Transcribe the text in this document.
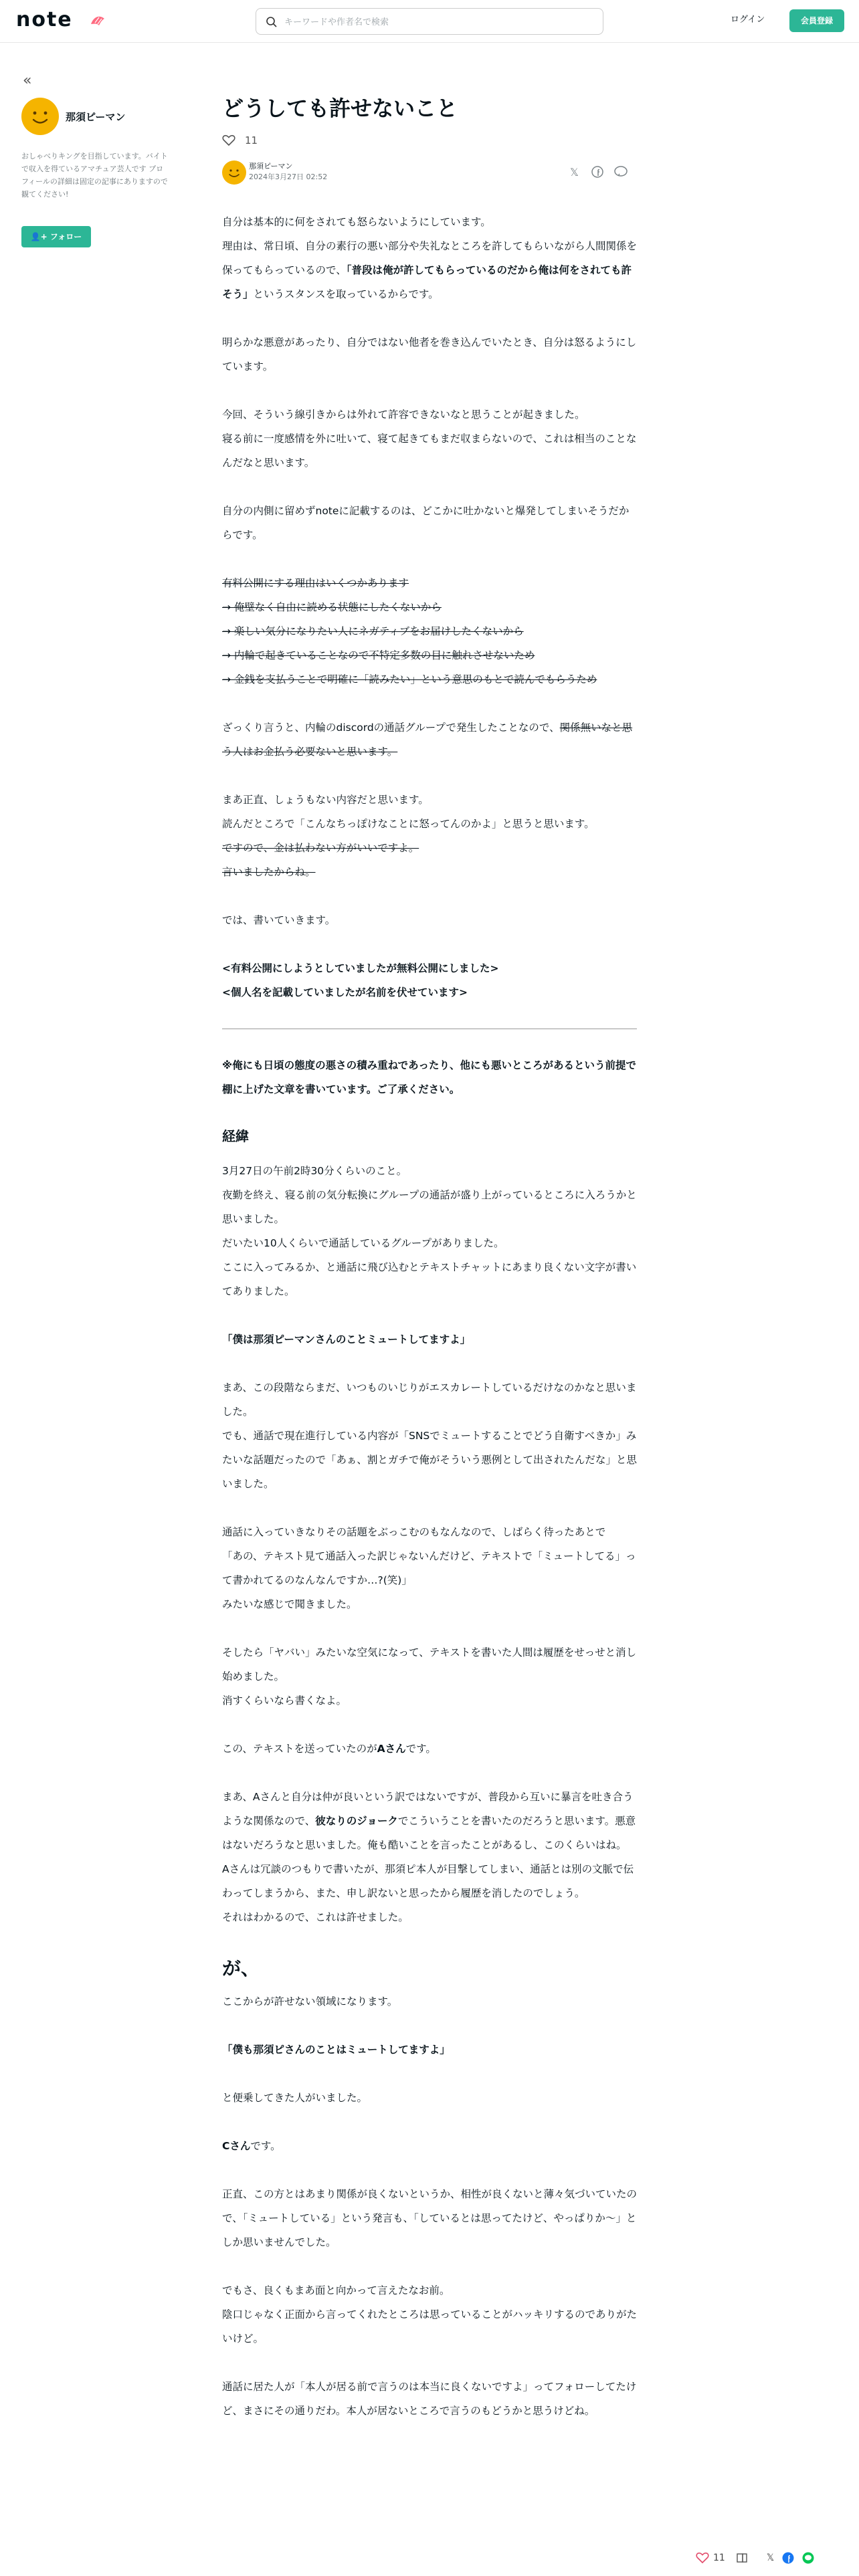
note
キーワードや作者名で検索	ログイン	会員登録
«
那須ピーマン
おしゃべりキングを目指しています。バイトで収入を得ているアマチュア芸人です プロフィールの詳細は固定の記事にありますので観てください!
👤+ フォロー
どうしても許せないこと
11
那須ピーマン
2024年3月27日 02:52	𝕏

自分は基本的に何をされても怒らないようにしています。
理由は、常日頃、自分の素行の悪い部分や失礼なところを許してもらいながら人間関係を保ってもらっているので、「普段は俺が許してもらっているのだから俺は何をされても許そう」というスタンスを取っているからです。

明らかな悪意があったり、自分ではない他者を巻き込んでいたとき、自分は怒るようにしています。

今回、そういう線引きからは外れて許容できないなと思うことが起きました。
寝る前に一度感情を外に吐いて、寝て起きてもまだ収まらないので、これは相当のことなんだなと思います。

自分の内側に留めずnoteに記載するのは、どこかに吐かないと爆発してしまいそうだからです。

有料公開にする理由はいくつかあります
→ 俺壁なく自由に読める状態にしたくないから
→ 楽しい気分になりたい人にネガティブをお届けしたくないから
→ 内輪で起きていることなので不特定多数の目に触れさせないため
→ 金銭を支払うことで明確に「読みたい」という意思のもとで読んでもらうため

ざっくり言うと、内輪のdiscordの通話グループで発生したことなので、関係無いなと思う人はお金払う必要ないと思います。

まあ正直、しょうもない内容だと思います。
読んだところで「こんなちっぽけなことに怒ってんのかよ」と思うと思います。
ですので、金は払わない方がいいですよ。
言いましたからね。

では、書いていきます。

<有料公開にしようとしていましたが無料公開にしました>
<個人名を記載していましたが名前を伏せています>

※俺にも日頃の態度の悪さの積み重ねであったり、他にも悪いところがあるという前提で棚に上げた文章を書いています。ご了承ください。

経緯

3月27日の午前2時30分くらいのこと。
夜勤を終え、寝る前の気分転換にグループの通話が盛り上がっているところに入ろうかと思いました。
だいたい10人くらいで通話しているグループがありました。
ここに入ってみるか、と通話に飛び込むとテキストチャットにあまり良くない文字が書いてありました。

「僕は那須ピーマンさんのことミュートしてますよ」

まあ、この段階ならまだ、いつものいじりがエスカレートしているだけなのかなと思いました。
でも、通話で現在進行している内容が「SNSでミュートすることでどう自衛すべきか」みたいな話題だったので「あぁ、割とガチで俺がそういう悪例として出されたんだな」と思いました。

通話に入っていきなりその話題をぶっこむのもなんなので、しばらく待ったあとで
「あの、テキスト見て通話入った訳じゃないんだけど、テキストで「ミュートしてる」って書かれてるのなんなんですか…?(笑)」
みたいな感じで聞きました。

そしたら「ヤバい」みたいな空気になって、テキストを書いた人間は履歴をせっせと消し始めました。
消すくらいなら書くなよ。

この、テキストを送っていたのがAさんです。

まあ、Aさんと自分は仲が良いという訳ではないですが、普段から互いに暴言を吐き合うような関係なので、彼なりのジョークでこういうことを書いたのだろうと思います。悪意はないだろうなと思いました。俺も酷いことを言ったことがあるし、このくらいはね。
Aさんは冗談のつもりで書いたが、那須ピ本人が目撃してしまい、通話とは別の文脈で伝わってしまうから、また、申し訳ないと思ったから履歴を消したのでしょう。
それはわかるので、これは許せました。

が、

ここからが許せない領域になります。

「僕も那須ピさんのことはミュートしてますよ」

と便乗してきた人がいました。

Cさんです。

正直、この方とはあまり関係が良くないというか、相性が良くないと薄々気づいていたので、「ミュートしている」という発言も、「しているとは思ってたけど、やっぱりか〜」としか思いませんでした。

でもさ、良くもまあ面と向かって言えたなお前。
陰口じゃなく正面から言ってくれたところは思っていることがハッキリするのでありがたいけど。

通話に居た人が「本人が居る前で言うのは本当に良くないですよ」ってフォローしてたけど、まさにその通りだわ。本人が居ないところで言うのもどうかと思うけどね。

11	𝕏
